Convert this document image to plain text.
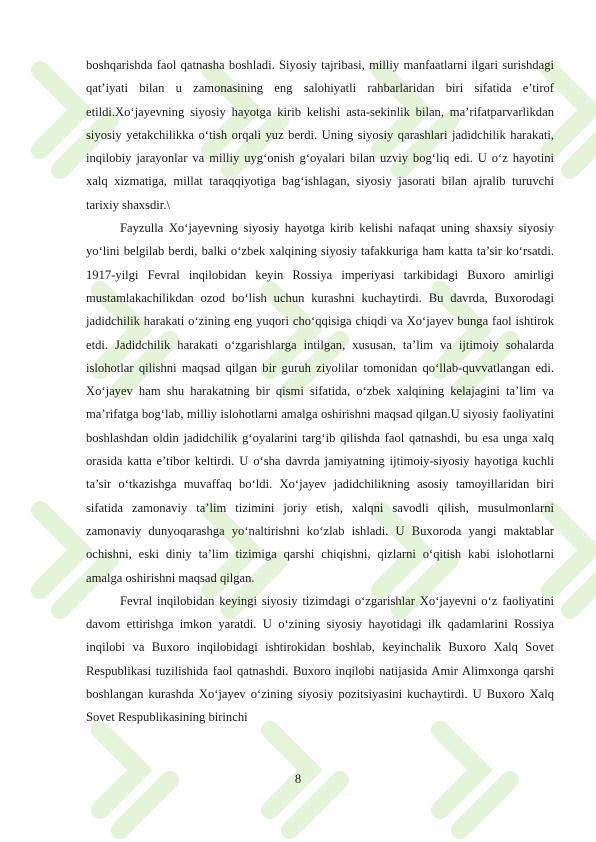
boshqarishda faol qatnasha boshladi. Siyosiy tajribasi, milliy manfaatlarni ilgari surishdagi qat’iyati bilan u zamonasining eng salohiyatli rahbarlaridan biri sifatida e’tirof etildi.Xo‘jayevning siyosiy hayotga kirib kelishi asta-sekinlik bilan, ma’rifatparvarlikdan siyosiy yetakchilikka o‘tish orqali yuz berdi. Uning siyosiy qarashlari jadidchilik harakati, inqilobiy jarayonlar va milliy uyg‘onish g‘oyalari bilan uzviy bog‘liq edi. U o‘z hayotini xalq xizmatiga, millat taraqqiyotiga bag‘ishlagan, siyosiy jasorati bilan ajralib turuvchi tarixiy shaxsdir.\

Fayzulla Xo‘jayevning siyosiy hayotga kirib kelishi nafaqat uning shaxsiy siyosiy yo‘lini belgilab berdi, balki o‘zbek xalqining siyosiy tafakkuriga ham katta ta’sir ko‘rsatdi. 1917-yilgi Fevral inqilobidan keyin Rossiya imperiyasi tarkibidagi Buxoro amirligi mustamlakachilikdan ozod bo‘lish uchun kurashni kuchaytirdi. Bu davrda, Buxorodagi jadidchilik harakati o‘zining eng yuqori cho‘qqisiga chiqdi va Xo‘jayev bunga faol ishtirok etdi. Jadidchilik harakati o‘zgarishlarga intilgan, xususan, ta’lim va ijtimoiy sohalarda islohotlar qilishni maqsad qilgan bir guruh ziyolilar tomonidan qo‘llab-quvvatlangan edi. Xo‘jayev ham shu harakatning bir qismi sifatida, o‘zbek xalqining kelajagini ta’lim va ma’rifatga bog‘lab, milliy islohotlarni amalga oshirishni maqsad qilgan.U siyosiy faoliyatini boshlashdan oldin jadidchilik g‘oyalarini targ‘ib qilishda faol qatnashdi, bu esa unga xalq orasida katta e’tibor keltirdi. U o‘sha davrda jamiyatning ijtimoiy-siyosiy hayotiga kuchli ta’sir o‘tkazishga muvaffaq bo‘ldi. Xo‘jayev jadidchilikning asosiy tamoyillaridan biri sifatida zamonaviy ta’lim tizimini joriy etish, xalqni savodli qilish, musulmonlarni zamonaviy dunyoqarashga yo‘naltirishni ko‘zlab ishladi. U Buxoroda yangi maktablar ochishni, eski diniy ta’lim tizimiga qarshi chiqishni, qizlarni o‘qitish kabi islohotlarni amalga oshirishni maqsad qilgan.

Fevral inqilobidan keyingi siyosiy tizimdagi o‘zgarishlar Xo‘jayevni o‘z faoliyatini davom ettirishga imkon yaratdi. U o‘zining siyosiy hayotidagi ilk qadamlarini Rossiya inqilobi va Buxoro inqilobidagi ishtirokidan boshlab, keyinchalik Buxoro Xalq Sovet Respublikasi tuzilishida faol qatnashdi. Buxoro inqilobi natijasida Amir Alimxonga qarshi boshlangan kurashda Xo‘jayev o‘zining siyosiy pozitsiyasini kuchaytirdi. U Buxoro Xalq Sovet Respublikasining birinchi

8
